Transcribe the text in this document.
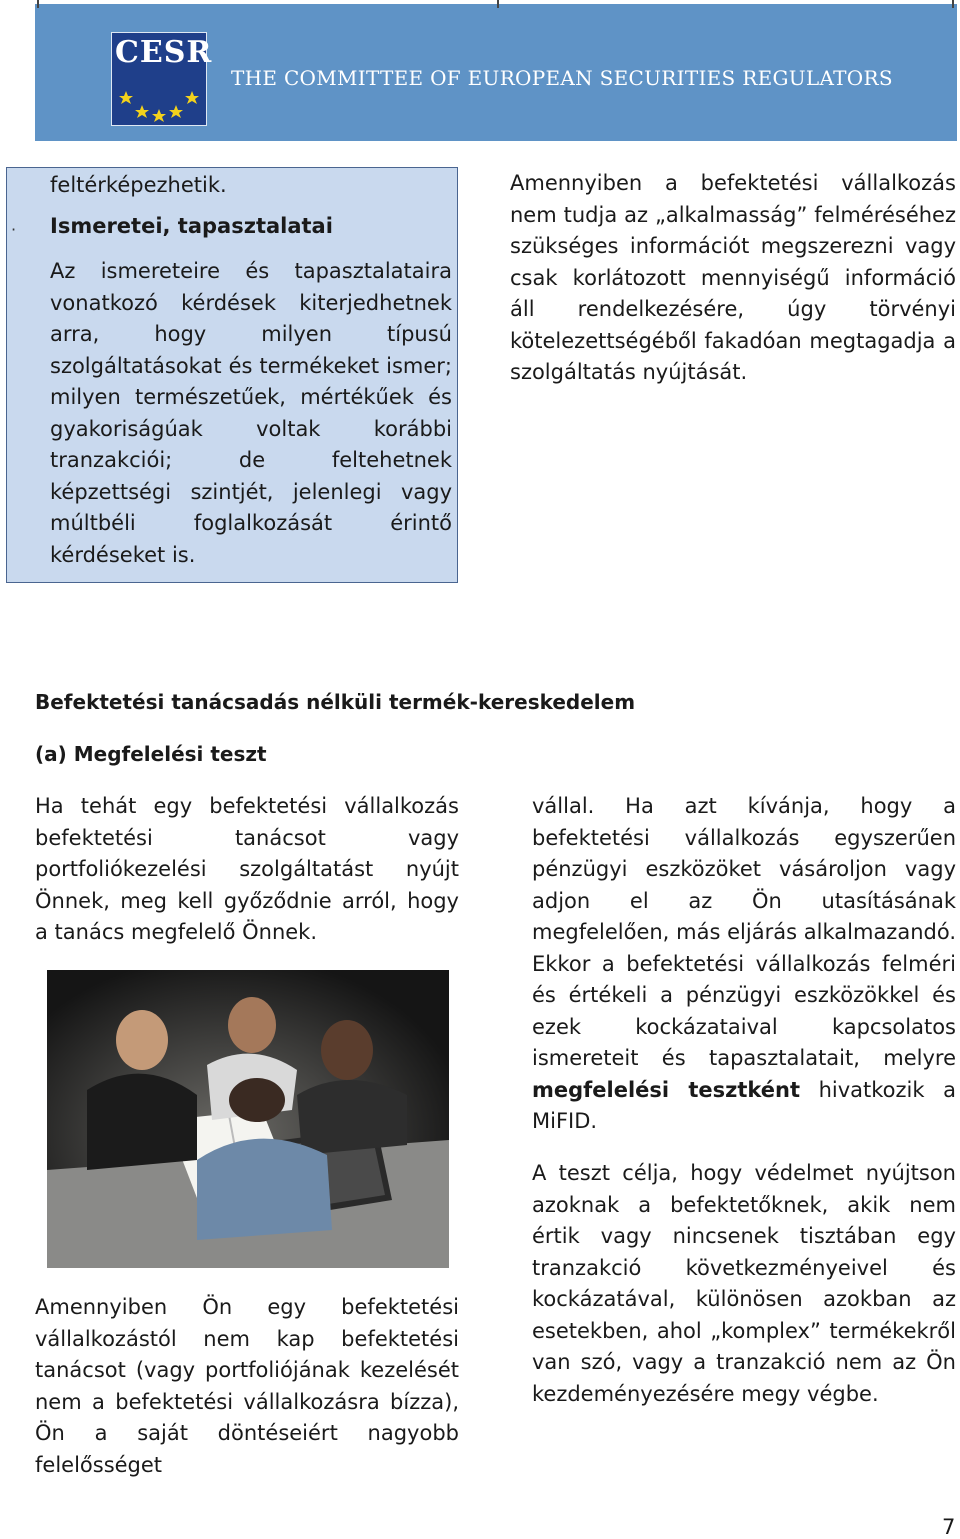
CESR
THE COMMITTEE OF EUROPEAN SECURITIES REGULATORS
feltérképezhetik.
· Ismeretei, tapasztalatai
Az ismereteire és tapasztalataira vonatkozó kérdések kiterjedhetnek arra, hogy milyen típusú szolgáltatásokat és termékeket ismer; milyen természetűek, mértékűek és gyakoriságúak voltak korábbi tranzakciói; de feltehetnek képzettségi szintjét, jelenlegi vagy múltbéli foglalkozását érintő kérdéseket is.
Amennyiben a befektetési vállalkozás nem tudja az „alkalmasság” felméréséhez szükséges információt megszerezni vagy csak korlátozott mennyiségű információ áll rendelkezésére, úgy törvényi kötelezettségéből fakadóan megtagadja a szolgáltatás nyújtását.
Befektetési tanácsadás nélküli termék-kereskedelem
(a) Megfelelési teszt
Ha tehát egy befektetési vállalkozás befektetési tanácsot vagy portfoliókezelési szolgáltatást nyújt Önnek, meg kell győződnie arról, hogy a tanács megfelelő Önnek.
Amennyiben Ön egy befektetési vállalkozástól nem kap befektetési tanácsot (vagy portfoliójának kezelését nem a befektetési vállalkozásra bízza), Ön a saját döntéseiért nagyobb felelősséget
vállal. Ha azt kívánja, hogy a befektetési vállalkozás egyszerűen pénzügyi eszközöket vásároljon vagy adjon el az Ön utasításának megfelelően, más eljárás alkalmazandó. Ekkor a befektetési vállalkozás felméri és értékeli a pénzügyi eszközökkel és ezek kockázataival kapcsolatos ismereteit és tapasztalatait, melyre megfelelési tesztként hivatkozik a MiFID.
A teszt célja, hogy védelmet nyújtson azoknak a befektetőknek, akik nem értik vagy nincsenek tisztában egy tranzakció következményeivel és kockázatával, különösen azokban az esetekben, ahol „komplex” termékekről van szó, vagy a tranzakció nem az Ön kezdeményezésére megy végbe.
7
